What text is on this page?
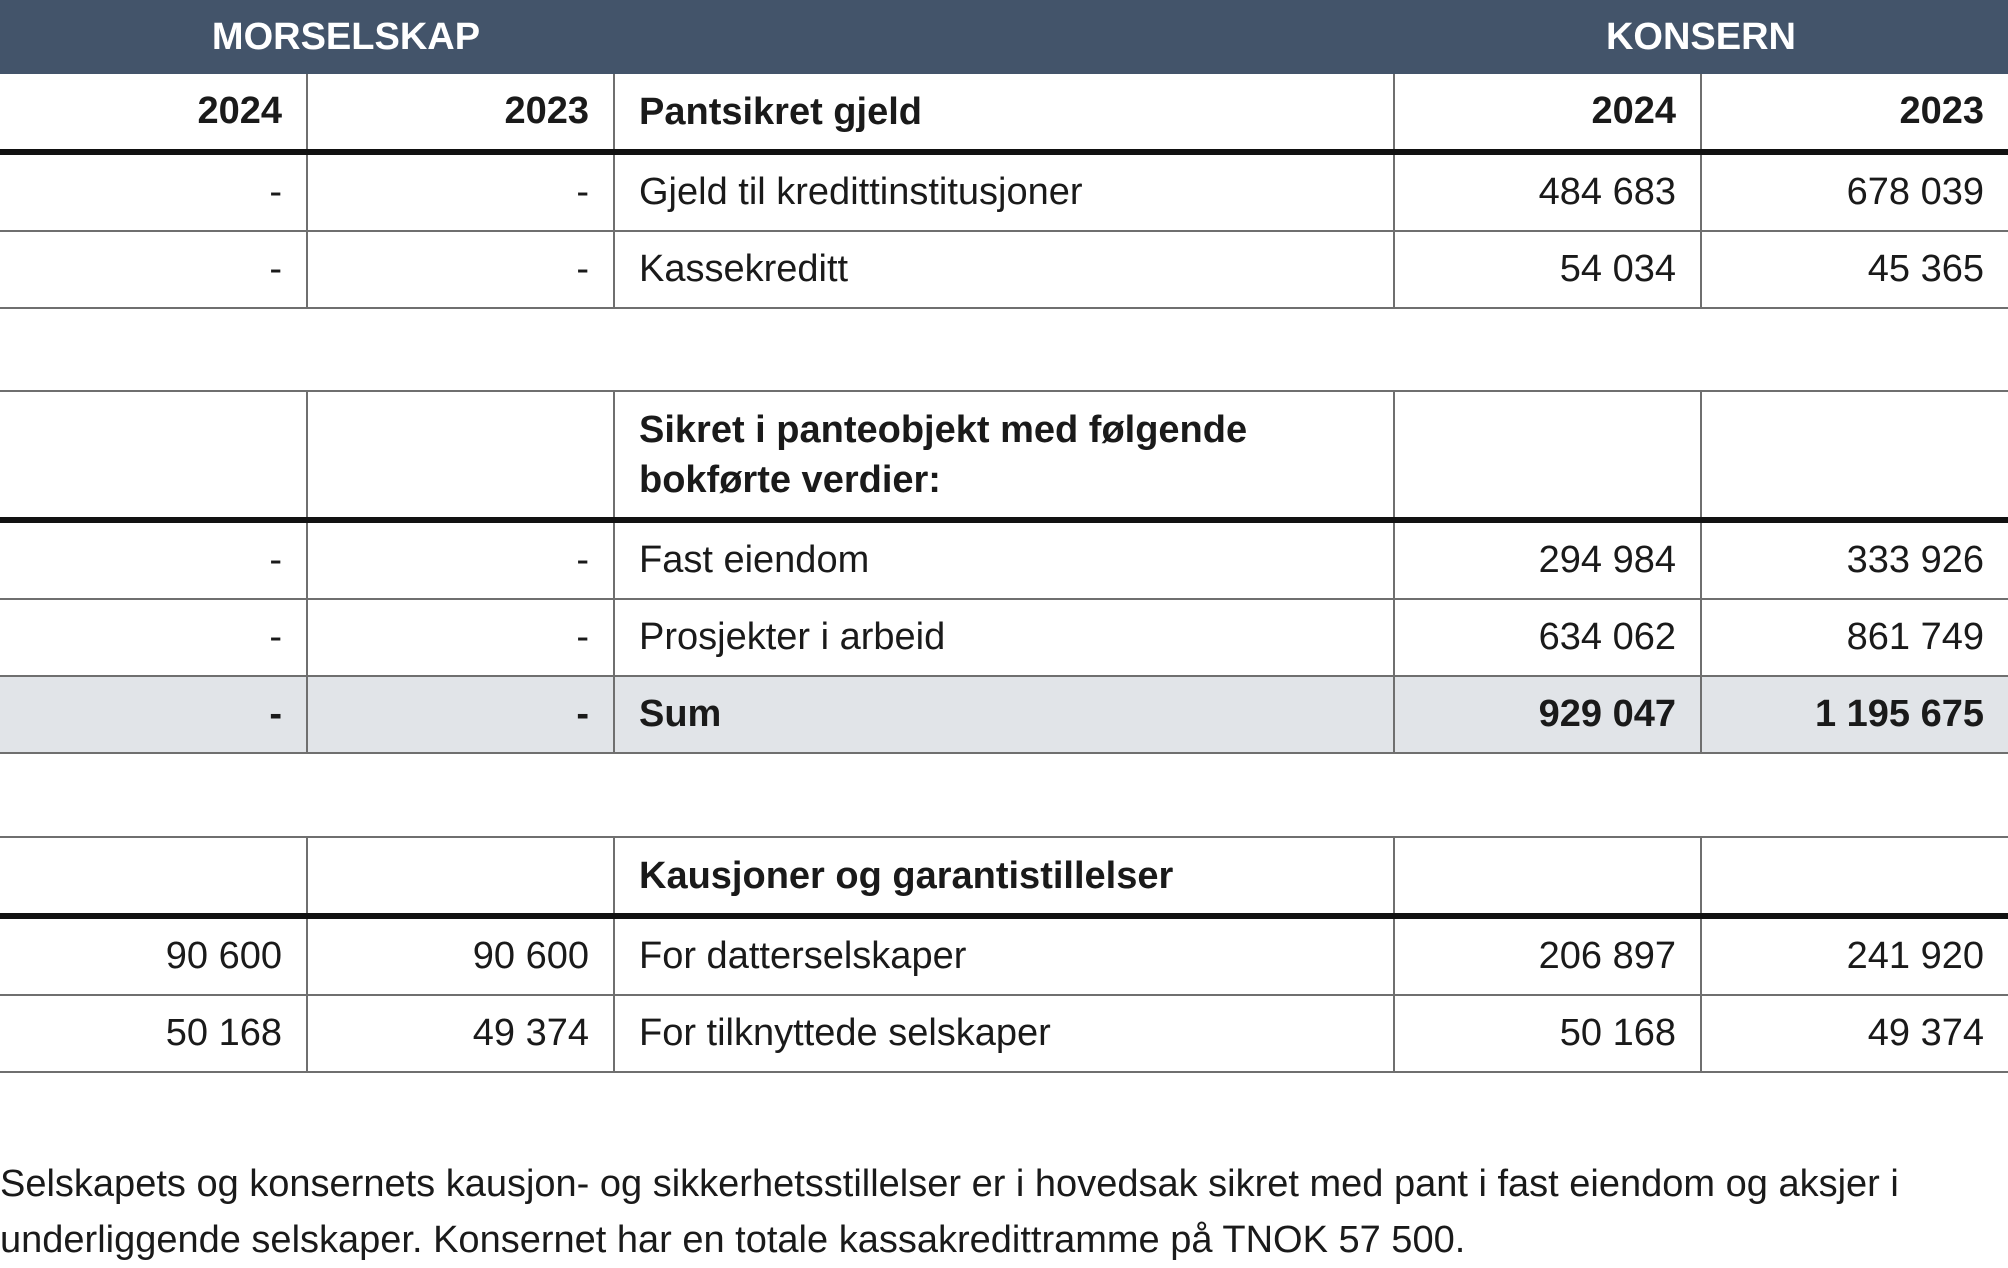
MORSELSKAP	KONSERN
2024	2023	Pantsikret gjeld	2024	2023
-	-	Gjeld til kredittinstitusjoner	484 683	678 039
-	-	Kassekreditt	54 034	45 365
		Sikret i panteobjekt med følgende bokførte verdier:		
-	-	Fast eiendom	294 984	333 926
-	-	Prosjekter i arbeid	634 062	861 749
-	-	Sum	929 047	1 195 675
		Kausjoner og garantistillelser		
90 600	90 600	For datterselskaper	206 897	241 920
50 168	49 374	For tilknyttede selskaper	50 168	49 374

Selskapets og konsernets kausjon- og sikkerhetsstillelser er i hovedsak sikret med pant i fast eiendom og aksjer i underliggende selskaper. Konsernet har en totale kassakredittramme på TNOK 57 500.
